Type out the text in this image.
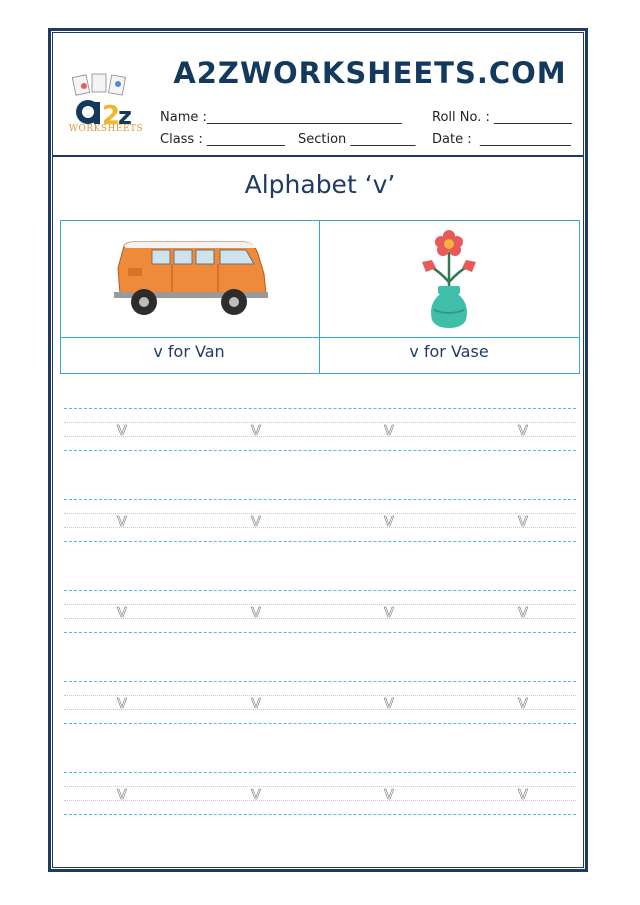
2
z
WORKSHEETS
A2ZWORKSHEETS.COM
Name :______________________________ Roll No. : ____________
Class : ____________ Section __________ Date :  ______________
Alphabet ‘v’
v for Van	v for Vase
v	v	v	v
v	v	v	v
v	v	v	v
v	v	v	v
v	v	v	v
